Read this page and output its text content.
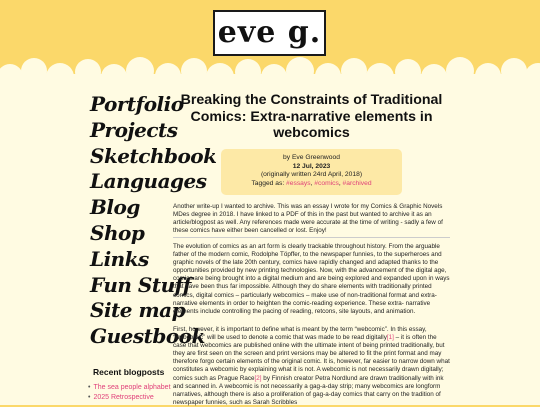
eve g.
Portfolio
Projects
Sketchbook
Languages
Blog
Shop
Links
Fun Stuff
Site map
Guestbook
Recent blogposts
• The sea people alphabet
• 2025 Retrospective
Breaking the Constraints of Traditional Comics: Extra-narrative elements in webcomics
by Eve Greenwood
12 Jul, 2023
(originally written 24rd April, 2018)
Tagged as: #essays, #comics, #archived

Another write-up I wanted to archive. This was an essay I wrote for my Comics & Graphic Novels MDes degree in 2018. I have linked to a PDF of this in the past but wanted to archive it as an article/blogpost as well. Any references made were accurate at the time of writing - sadly a few of these comics have either been cancelled or lost. Enjoy!

The evolution of comics as an art form is clearly trackable throughout history. From the arguable father of the modern comic, Rodolphe Töpffer, to the newspaper funnies, to the superheroes and graphic novels of the late 20th century, comics have rapidly changed and adapted thanks to the opportunities provided by new printing technologies. Now, with the advancement of the digital age, comics are being brought into a digital medium and are being explored and expanded upon in ways that have been thus far impossible. Although they do share elements with traditionally printed comics, digital comics – particularly webcomics – make use of non-traditional format and extra-narrative elements in order to heighten the comic-reading experience. These extra- narrative elements include controlling the pacing of reading, retcons, site layouts, and animation.

First, however, it is important to define what is meant by the term “webcomic”. In this essay, “webcomic” will be used to denote a comic that was made to be read digitally[1] – it is often the case that webcomics are published online with the ultimate intent of being printed traditionally, but they are first seen on the screen and print versions may be altered to fit the print format and may therefore forgo certain elements of the original comic. It is, however, far easier to narrow down what constitutes a webcomic by explaining what it is not. A webcomic is not necessarily drawn digitally; comics such as Prague Race[2] by Finnish creator Petra Nordlund are drawn traditionally with ink and scanned in. A webcomic is not necessarily a gag-a-day strip; many webcomics are longform narratives, although there is also a proliferation of gag-a-day comics that carry on the tradition of newspaper funnies, such as Sarah Scribbles
